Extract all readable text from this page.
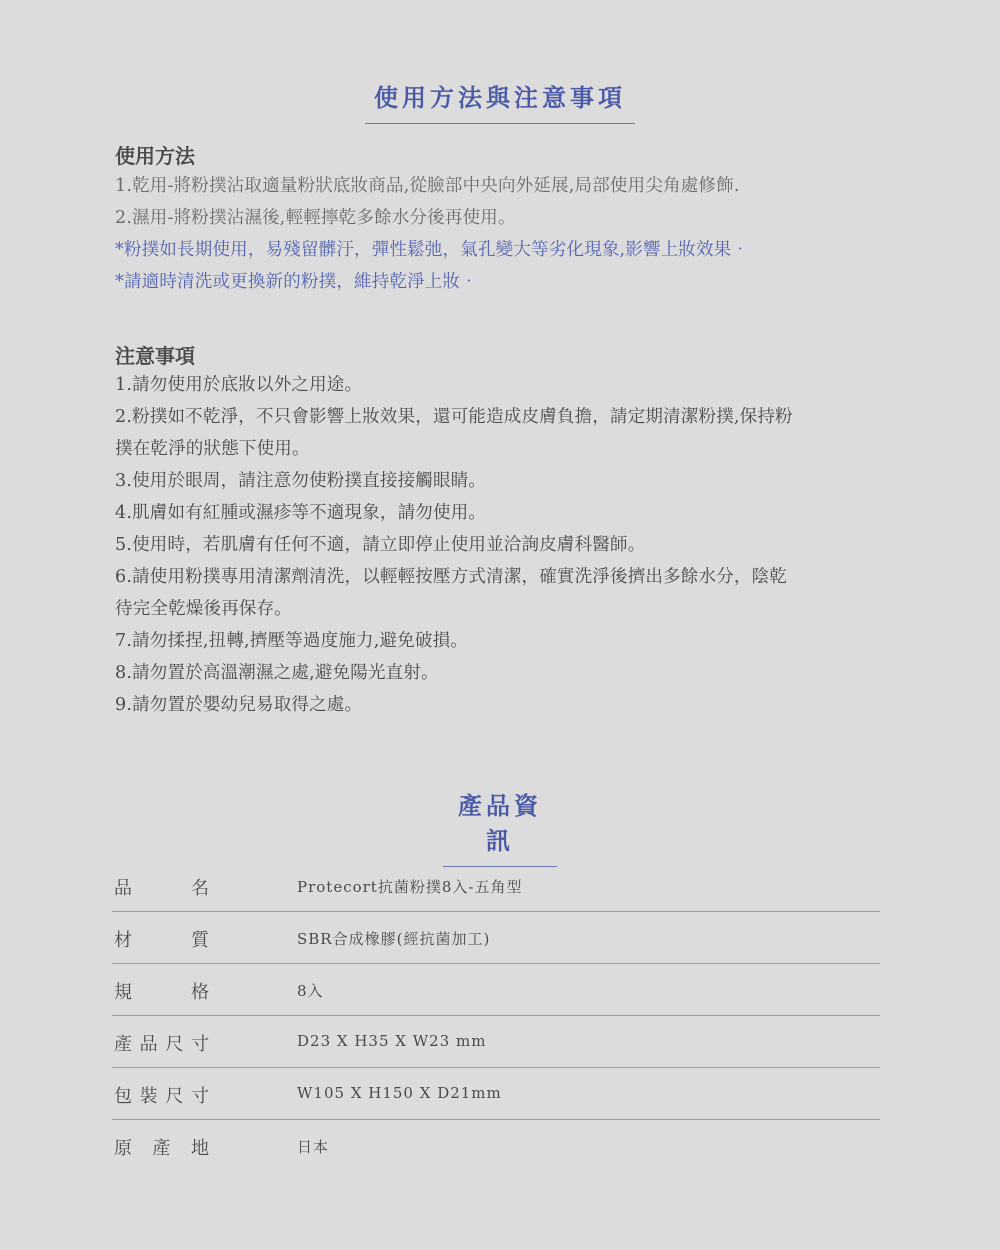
使用方法與注意事項
使用方法
1.乾用-將粉撲沾取適量粉狀底妝商品,從臉部中央向外延展,局部使用尖角處修飾.
2.濕用-將粉撲沾濕後,輕輕擰乾多餘水分後再使用。
*粉撲如長期使用，易殘留髒汙，彈性鬆弛，氣孔變大等劣化現象,影響上妝效果‧
*請適時清洗或更換新的粉撲，維持乾淨上妝‧
注意事項
1.請勿使用於底妝以外之用途。
2.粉撲如不乾淨，不只會影響上妝效果，還可能造成皮膚負擔，請定期清潔粉撲,保持粉
撲在乾淨的狀態下使用。
3.使用於眼周，請注意勿使粉撲直接接觸眼睛。
4.肌膚如有紅腫或濕疹等不適現象，請勿使用。
5.使用時，若肌膚有任何不適，請立即停止使用並洽詢皮膚科醫師。
6.請使用粉撲專用清潔劑清洗，以輕輕按壓方式清潔，確實洗淨後擠出多餘水分，陰乾
待完全乾燥後再保存。
7.請勿揉捏,扭轉,擠壓等過度施力,避免破損。
8.請勿置於高溫潮濕之處,避免陽光直射。
9.請勿置於嬰幼兒易取得之處。
產品資訊
品名	Protecort抗菌粉撲8入-五角型
材質	SBR合成橡膠(經抗菌加工)
規格	8入
產品尺寸	D23 X H35 X W23 mm
包裝尺寸	W105 X H150 X D21mm
原產地	日本
